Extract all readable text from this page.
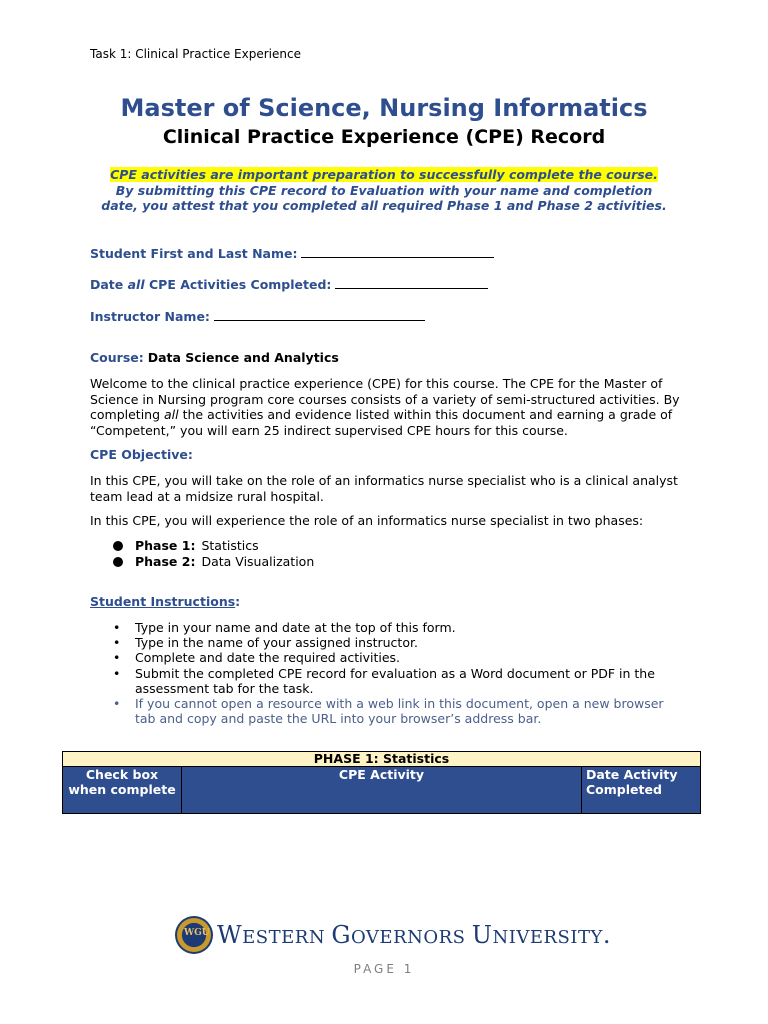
Task 1: Clinical Practice Experience
Master of Science, Nursing Informatics
Clinical Practice Experience (CPE) Record
CPE activities are important preparation to successfully complete the course.
By submitting this CPE record to Evaluation with your name and completion
date, you attest that you completed all required Phase 1 and Phase 2 activities.
Student First and Last Name:
Date all CPE Activities Completed:
Instructor Name:
Course: Data Science and Analytics
Welcome to the clinical practice experience (CPE) for this course. The CPE for the Master of Science in Nursing program core courses consists of a variety of semi-structured activities. By completing all the activities and evidence listed within this document and earning a grade of “Competent,” you will earn 25 indirect supervised CPE hours for this course.
CPE Objective:
In this CPE, you will take on the role of an informatics nurse specialist who is a clinical analyst team lead at a midsize rural hospital.
In this CPE, you will experience the role of an informatics nurse specialist in two phases:
Phase 1: Statistics
Phase 2: Data Visualization
Student Instructions:
• Type in your name and date at the top of this form.
• Type in the name of your assigned instructor.
• Complete and date the required activities.
• Submit the completed CPE record for evaluation as a Word document or PDF in the assessment tab for the task.
• If you cannot open a resource with a web link in this document, open a new browser tab and copy and paste the URL into your browser’s address bar.
PHASE 1: Statistics
Check box when complete	CPE Activity	Date Activity Completed
WGU WESTERN GOVERNORS UNIVERSITY.
PAGE 1
